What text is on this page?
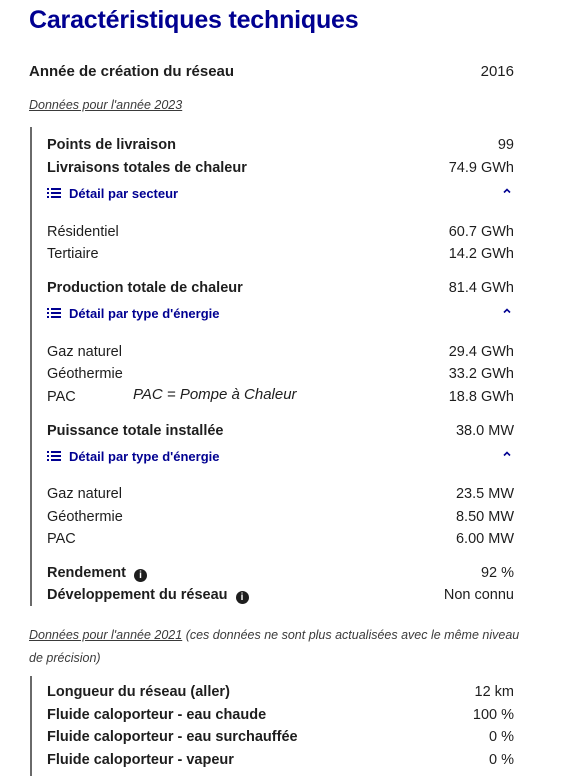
Caractéristiques techniques
Année de création du réseau	2016
Données pour l'année 2023
Points de livraison	99
Livraisons totales de chaleur	74.9 GWh
Détail par secteur
Résidentiel	60.7 GWh
Tertiaire	14.2 GWh
Production totale de chaleur	81.4 GWh
Détail par type d'énergie
Gaz naturel	29.4 GWh
Géothermie	33.2 GWh
PAC	PAC = Pompe à Chaleur	18.8 GWh
Puissance totale installée	38.0 MW
Détail par type d'énergie
Gaz naturel	23.5 MW
Géothermie	8.50 MW
PAC	6.00 MW
Rendement i	92 %
Développement du réseau i	Non connu
Données pour l'année 2021 (ces données ne sont plus actualisées avec le même niveau de précision)
Longueur du réseau (aller)	12 km
Fluide caloporteur - eau chaude	100 %
Fluide caloporteur - eau surchauffée	0 %
Fluide caloporteur - vapeur	0 %
